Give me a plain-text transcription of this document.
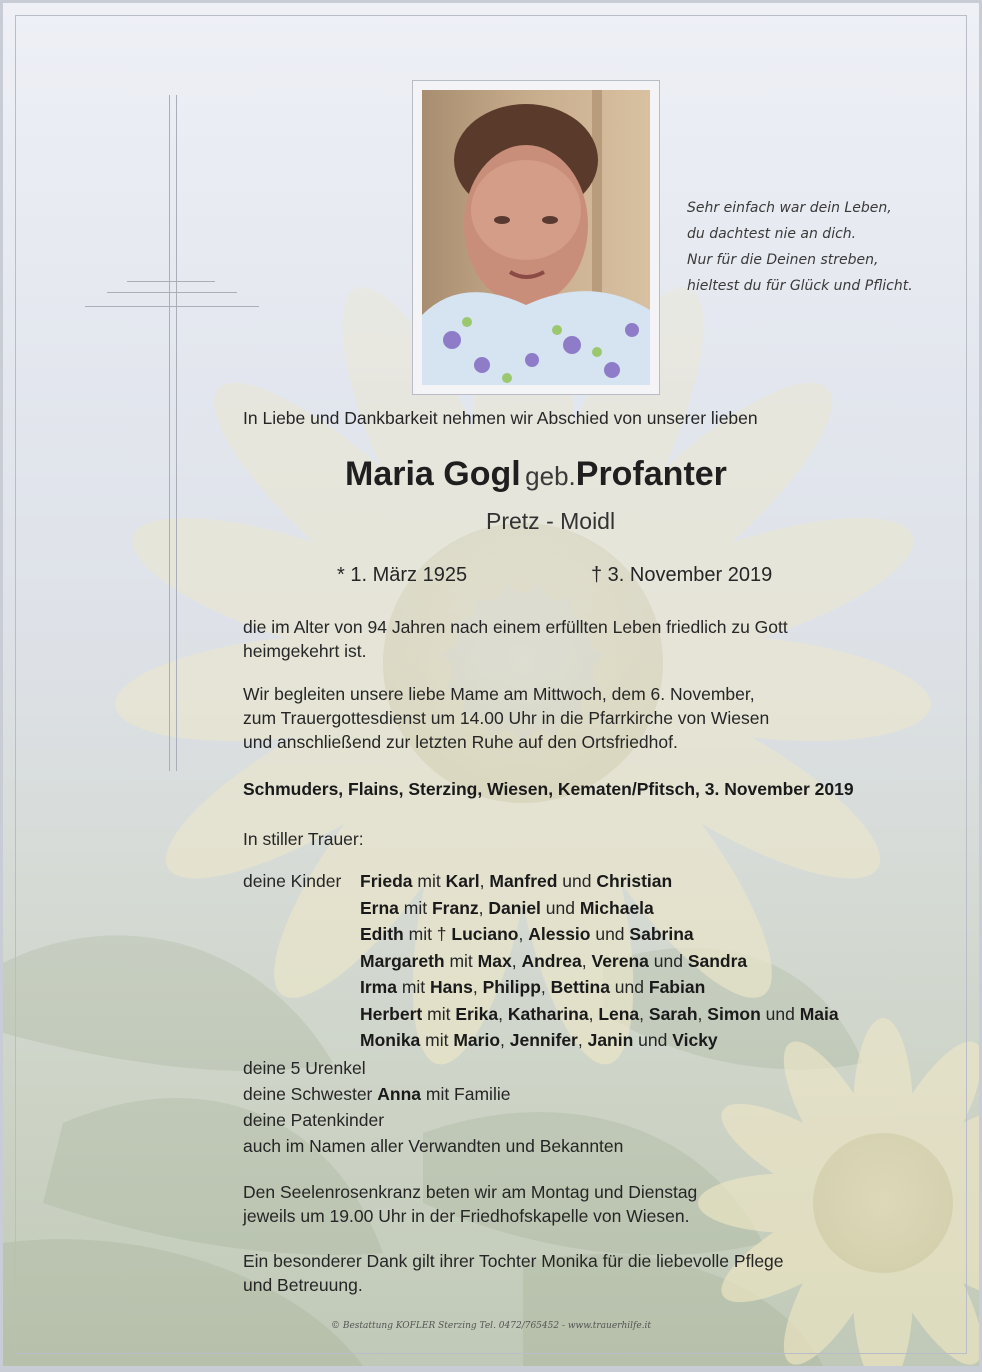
Sehr einfach war dein Leben,
du dachtest nie an dich.
Nur für die Deinen streben,
hieltest du für Glück und Pflicht.
In Liebe und Dankbarkeit nehmen wir Abschied von unserer lieben
Maria Gogl geb.Profanter
Pretz - Moidl
* 1. März 1925	† 3. November 2019
die im Alter von 94 Jahren nach einem erfüllten Leben friedlich zu Gott
heimgekehrt ist.
Wir begleiten unsere liebe Mame am Mittwoch, dem 6. November,
zum Trauergottesdienst um 14.00 Uhr in die Pfarrkirche von Wiesen
und anschließend zur letzten Ruhe auf den Ortsfriedhof.
Schmuders, Flains, Sterzing, Wiesen, Kematen/Pfitsch, 3. November 2019
In stiller Trauer:
deine Kinder Frieda mit Karl, Manfred und Christian
Erna mit Franz, Daniel und Michaela
Edith mit † Luciano, Alessio und Sabrina
Margareth mit Max, Andrea, Verena und Sandra
Irma mit Hans, Philipp, Bettina und Fabian
Herbert mit Erika, Katharina, Lena, Sarah, Simon und Maia
Monika mit Mario, Jennifer, Janin und Vicky
deine 5 Urenkel
deine Schwester Anna mit Familie
deine Patenkinder
auch im Namen aller Verwandten und Bekannten
Den Seelenrosenkranz beten wir am Montag und Dienstag
jeweils um 19.00 Uhr in der Friedhofskapelle von Wiesen.
Ein besonderer Dank gilt ihrer Tochter Monika für die liebevolle Pflege
und Betreuung.
© Bestattung KOFLER Sterzing Tel. 0472/765452 - www.trauerhilfe.it
